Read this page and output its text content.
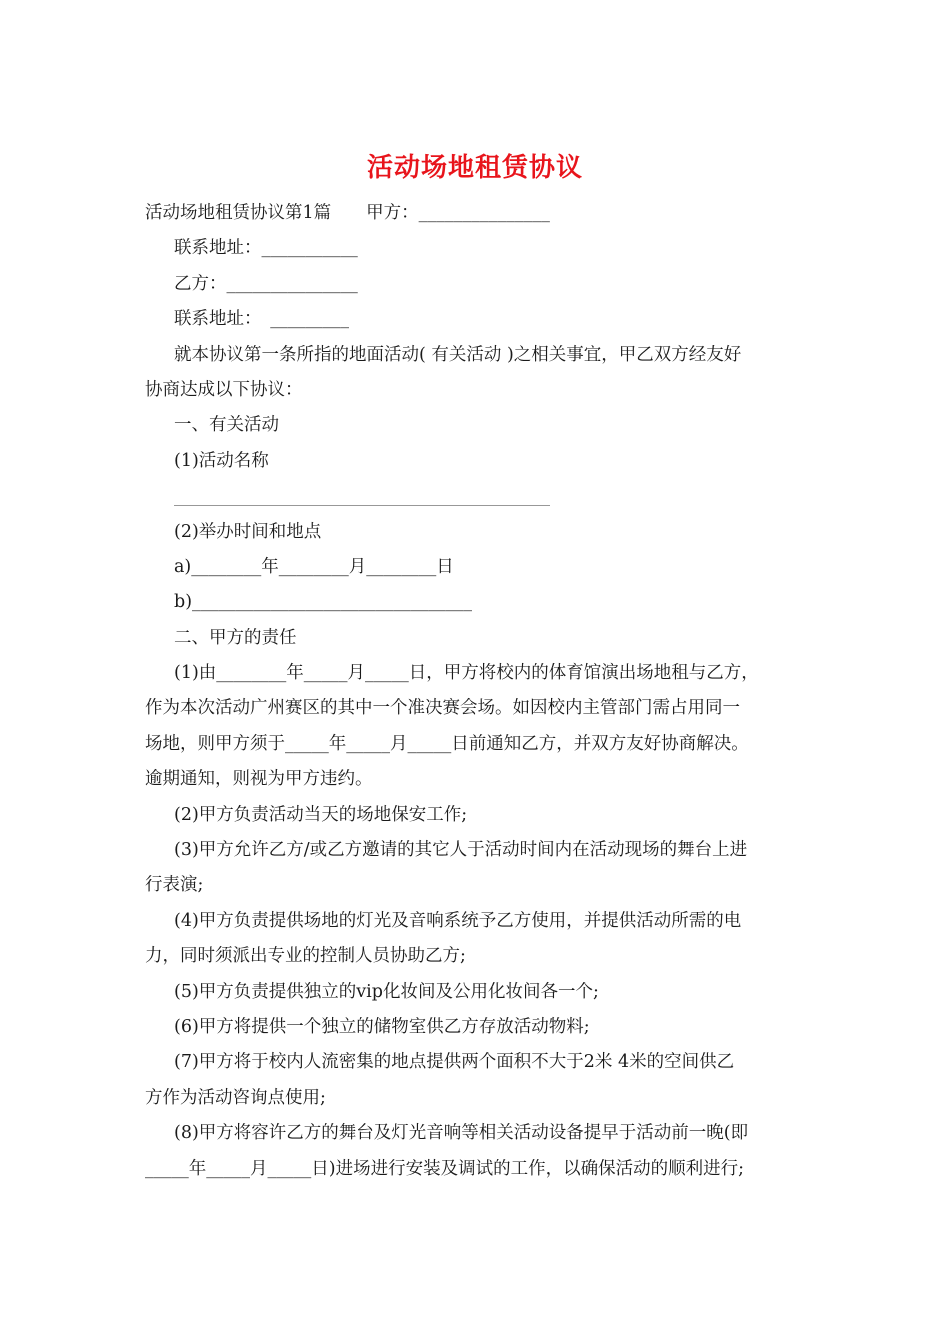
活动场地租赁协议
活动场地租赁协议第1篇　　甲方：_______________
联系地址：___________
乙方：_______________
联系地址：　_________
就本协议第一条所指的地面活动( 有关活动 )之相关事宜，甲乙双方经友好
协商达成以下协议：
一、有关活动
(1)活动名称
_______________________________________________
(2)举办时间和地点
a)________年________月________日
b)________________________________
二、甲方的责任
(1)由________年_____月_____日，甲方将校内的体育馆演出场地租与乙方，
作为本次活动广州赛区的其中一个准决赛会场。如因校内主管部门需占用同一
场地，则甲方须于_____年_____月_____日前通知乙方，并双方友好协商解决。
逾期通知，则视为甲方违约。
(2)甲方负责活动当天的场地保安工作;
(3)甲方允许乙方/或乙方邀请的其它人于活动时间内在活动现场的舞台上进
行表演;
(4)甲方负责提供场地的灯光及音响系统予乙方使用，并提供活动所需的电
力，同时须派出专业的控制人员协助乙方;
(5)甲方负责提供独立的vip化妆间及公用化妆间各一个;
(6)甲方将提供一个独立的储物室供乙方存放活动物料;
(7)甲方将于校内人流密集的地点提供两个面积不大于2米 4米的空间供乙
方作为活动咨询点使用;
(8)甲方将容许乙方的舞台及灯光音响等相关活动设备提早于活动前一晚(即
_____年_____月_____日)进场进行安装及调试的工作，以确保活动的顺利进行;
